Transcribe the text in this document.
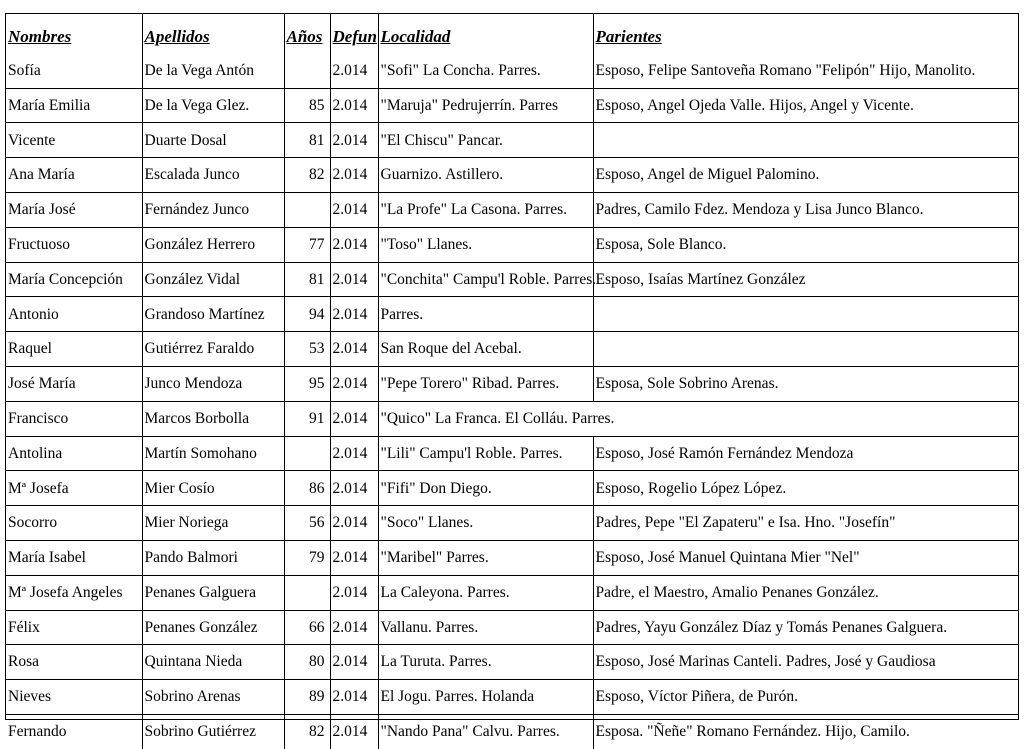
Nombres	Apellidos	Años	Defun	Localidad	Parientes
Sofía	De la Vega Antón		2.014	"Sofi" La Concha. Parres.	Esposo, Felipe Santoveña Romano "Felipón" Hijo, Manolito.
María Emilia	De la Vega Glez.	85	2.014	"Maruja" Pedrujerrín. Parres	Esposo, Angel Ojeda Valle. Hijos, Angel y Vicente.
Vicente	Duarte Dosal	81	2.014	"El Chiscu" Pancar.	
Ana María	Escalada Junco	82	2.014	Guarnizo. Astillero.	Esposo, Angel de Miguel Palomino.
María José	Fernández Junco		2.014	"La Profe" La Casona. Parres.	Padres, Camilo Fdez. Mendoza y Lisa Junco Blanco.
Fructuoso	González Herrero	77	2.014	"Toso" Llanes.	Esposa, Sole Blanco.
María Concepción	González Vidal	81	2.014	"Conchita" Campu'l Roble. Parres.	Esposo, Isaías Martínez González
Antonio	Grandoso Martínez	94	2.014	Parres.	
Raquel	Gutiérrez Faraldo	53	2.014	San Roque del Acebal.	
José María	Junco Mendoza	95	2.014	"Pepe Torero" Ribad. Parres.	Esposa, Sole Sobrino Arenas.
Francisco	Marcos Borbolla	91	2.014	"Quico" La Franca. El Colláu. Parres.	
Antolina	Martín Somohano		2.014	"Lili" Campu'l Roble. Parres.	Esposo, José Ramón Fernández Mendoza
Mª Josefa	Mier Cosío	86	2.014	"Fifi" Don Diego.	Esposo, Rogelio López López.
Socorro	Mier Noriega	56	2.014	"Soco" Llanes.	Padres, Pepe "El Zapateru" e Isa. Hno. "Josefín"
María Isabel	Pando Balmori	79	2.014	"Maribel" Parres.	Esposo, José Manuel Quintana Mier "Nel"
Mª Josefa Angeles	Penanes Galguera		2.014	La Caleyona. Parres.	Padre, el Maestro, Amalio Penanes González.
Félix	Penanes González	66	2.014	Vallanu. Parres.	Padres, Yayu González Díaz y Tomás Penanes Galguera.
Rosa	Quintana Nieda	80	2.014	La Turuta. Parres.	Esposo, José Marinas Canteli. Padres, José y Gaudiosa
Nieves	Sobrino Arenas	89	2.014	El Jogu. Parres. Holanda	Esposo, Víctor Piñera, de Purón.
Fernando	Sobrino Gutiérrez	82	2.014	"Nando Pana" Calvu. Parres.	Esposa. "Ñeñe" Romano Fernández. Hijo, Camilo.
